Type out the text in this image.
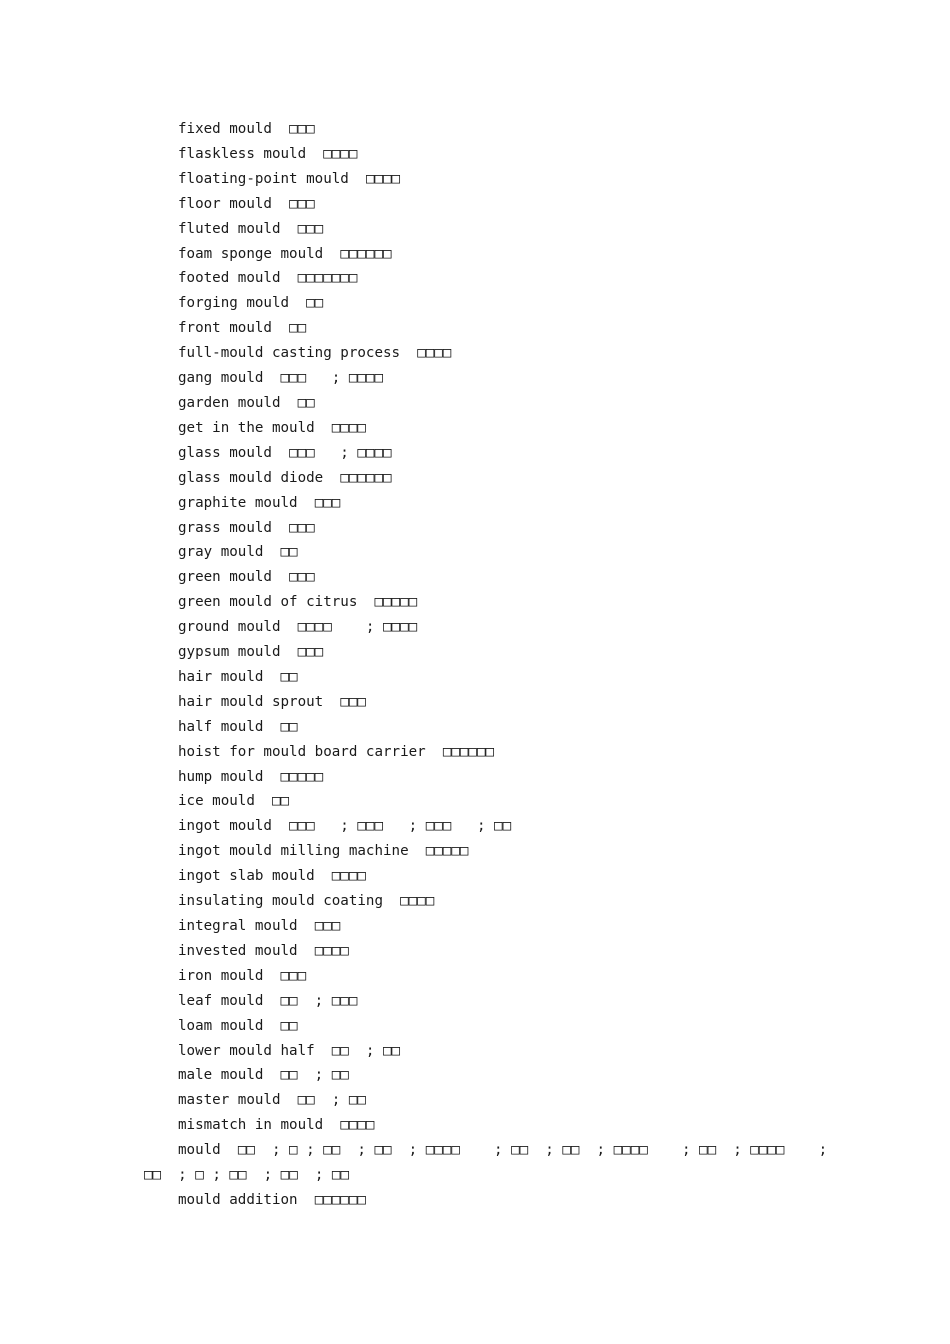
fixed mould □□□
flaskless mould □□□□
floating-point mould □□□□
floor mould □□□
fluted mould □□□
foam sponge mould □□□□□□
footed mould □□□□□□□
forging mould □□
front mould □□
full-mould casting process □□□□
gang mould □□□   ; □□□□
garden mould □□
get in the mould □□□□
glass mould □□□   ; □□□□
glass mould diode □□□□□□
graphite mould □□□
grass mould □□□
gray mould □□
green mould □□□
green mould of citrus □□□□□
ground mould □□□□    ; □□□□
gypsum mould □□□
hair mould □□
hair mould sprout □□□
half mould □□
hoist for mould board carrier □□□□□□
hump mould □□□□□
ice mould □□
ingot mould □□□   ; □□□   ; □□□   ; □□
ingot mould milling machine □□□□□
ingot slab mould □□□□
insulating mould coating □□□□
integral mould □□□
invested mould □□□□
iron mould □□□
leaf mould □□  ; □□□
loam mould □□
lower mould half □□  ; □□
male mould □□  ; □□
master mould □□  ; □□
mismatch in mould □□□□
mould □□  ; □ ; □□  ; □□  ; □□□□    ; □□  ; □□  ; □□□□    ; □□  ; □□□□    ; □□  ; □ ; □□  ; □□  ; □□
mould addition □□□□□□
